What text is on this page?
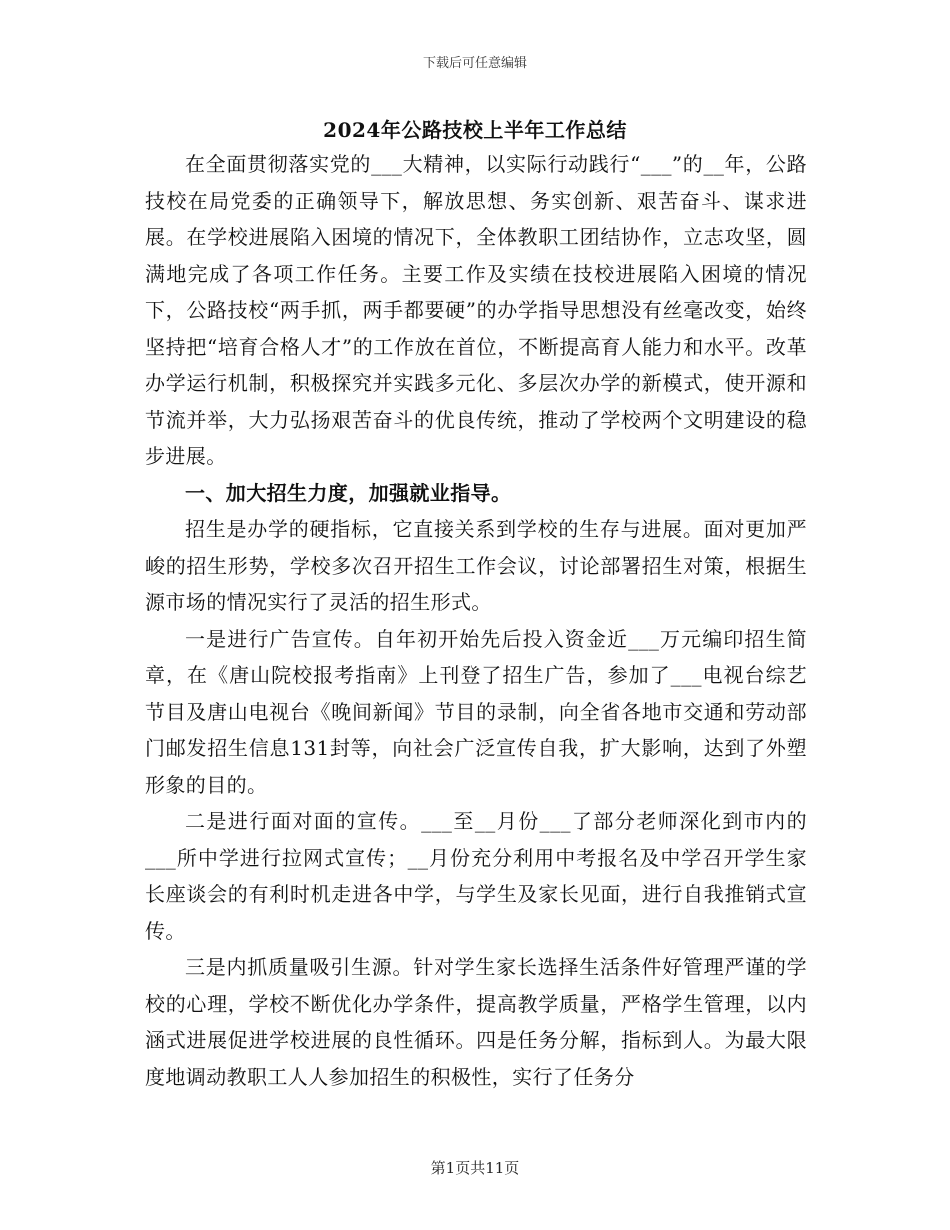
下载后可任意编辑
2024年公路技校上半年工作总结

在全面贯彻落实党的___大精神，以实际行动践行“___”的__年，公路技校在局党委的正确领导下，解放思想、务实创新、艰苦奋斗、谋求进展。在学校进展陷入困境的情况下，全体教职工团结协作，立志攻坚，圆满地完成了各项工作任务。主要工作及实绩在技校进展陷入困境的情况下，公路技校“两手抓，两手都要硬”的办学指导思想没有丝毫改变，始终坚持把“培育合格人才”的工作放在首位，不断提高育人能力和水平。改革办学运行机制，积极探究并实践多元化、多层次办学的新模式，使开源和节流并举，大力弘扬艰苦奋斗的优良传统，推动了学校两个文明建设的稳步进展。

一、加大招生力度，加强就业指导。

招生是办学的硬指标，它直接关系到学校的生存与进展。面对更加严峻的招生形势，学校多次召开招生工作会议，讨论部署招生对策，根据生源市场的情况实行了灵活的招生形式。

一是进行广告宣传。自年初开始先后投入资金近___万元编印招生简章，在《唐山院校报考指南》上刊登了招生广告，参加了___电视台综艺节目及唐山电视台《晚间新闻》节目的录制，向全省各地市交通和劳动部门邮发招生信息131封等，向社会广泛宣传自我，扩大影响，达到了外塑形象的目的。

二是进行面对面的宣传。___至__月份___了部分老师深化到市内的___所中学进行拉网式宣传；__月份充分利用中考报名及中学召开学生家长座谈会的有利时机走进各中学，与学生及家长见面，进行自我推销式宣传。

三是内抓质量吸引生源。针对学生家长选择生活条件好管理严谨的学校的心理，学校不断优化办学条件，提高教学质量，严格学生管理，以内涵式进展促进学校进展的良性循环。四是任务分解，指标到人。为最大限度地调动教职工人人参加招生的积极性，实行了任务分

第1页共11页
